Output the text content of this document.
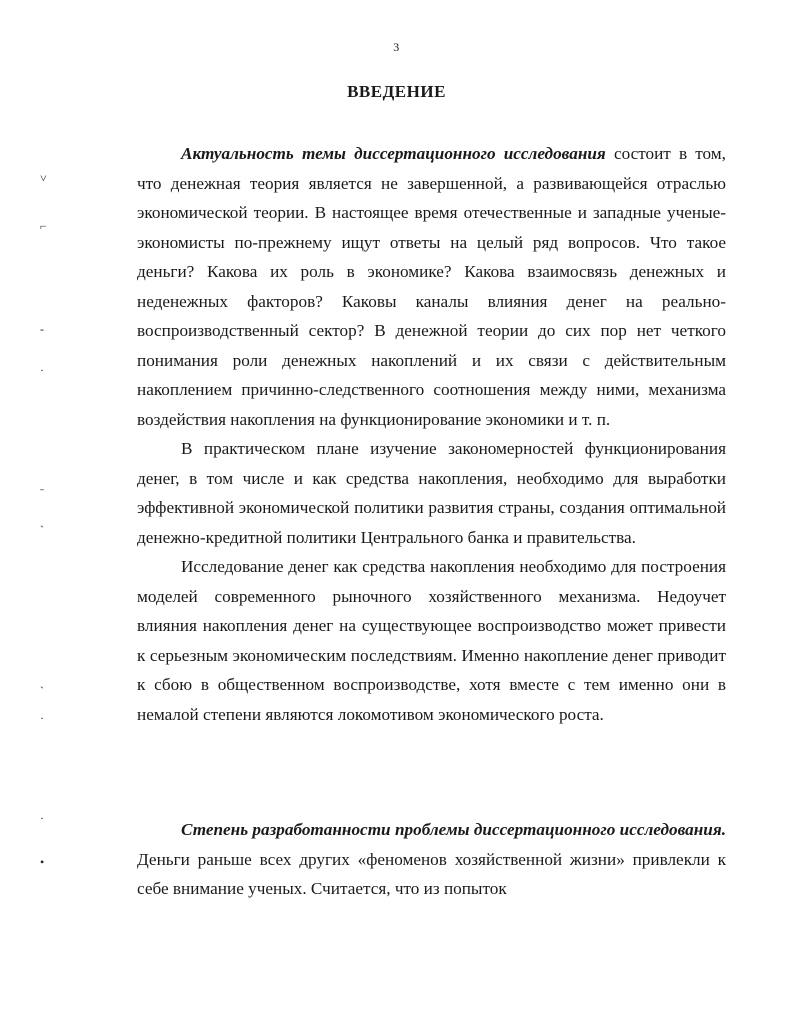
3
ВВЕДЕНИЕ

Актуальность темы диссертационного исследования состоит в том, что денежная теория является не завершенной, а развивающейся отраслью экономической теории. В настоящее время отечественные и западные ученые-экономисты по-прежнему ищут ответы на целый ряд вопросов. Что такое деньги? Какова их роль в экономике? Какова взаимосвязь денежных и неденежных факторов? Каковы каналы влияния денег на реально-воспроизводственный сектор? В денежной теории до сих пор нет четкого понимания роли денежных накоплений и их связи с действительным накоплением причинно-следственного соотношения между ними, механизма воздействия накопления на функционирование экономики и т. п.

В практическом плане изучение закономерностей функционирования денег, в том числе и как средства накопления, необходимо для выработки эффективной экономической политики развития страны, создания оптимальной денежно-кредитной политики Центрального банка и правительства.

Исследование денег как средства накопления необходимо для построения моделей современного рыночного хозяйственного механизма. Недоучет влияния накопления денег на существующее воспроизводство может привести к серьезным экономическим последствиям. Именно накопление денег приводит к сбою в общественном воспроизводстве, хотя вместе с тем именно они в немалой степени являются локомотивом экономического роста.

Степень разработанности проблемы диссертационного исследования. Деньги раньше всех других «феноменов хозяйственной жизни» привлекли к себе внимание ученых. Считается, что из попыток

˅
⌐
-
·
˗
ˋ
ˎ
·
·
•
